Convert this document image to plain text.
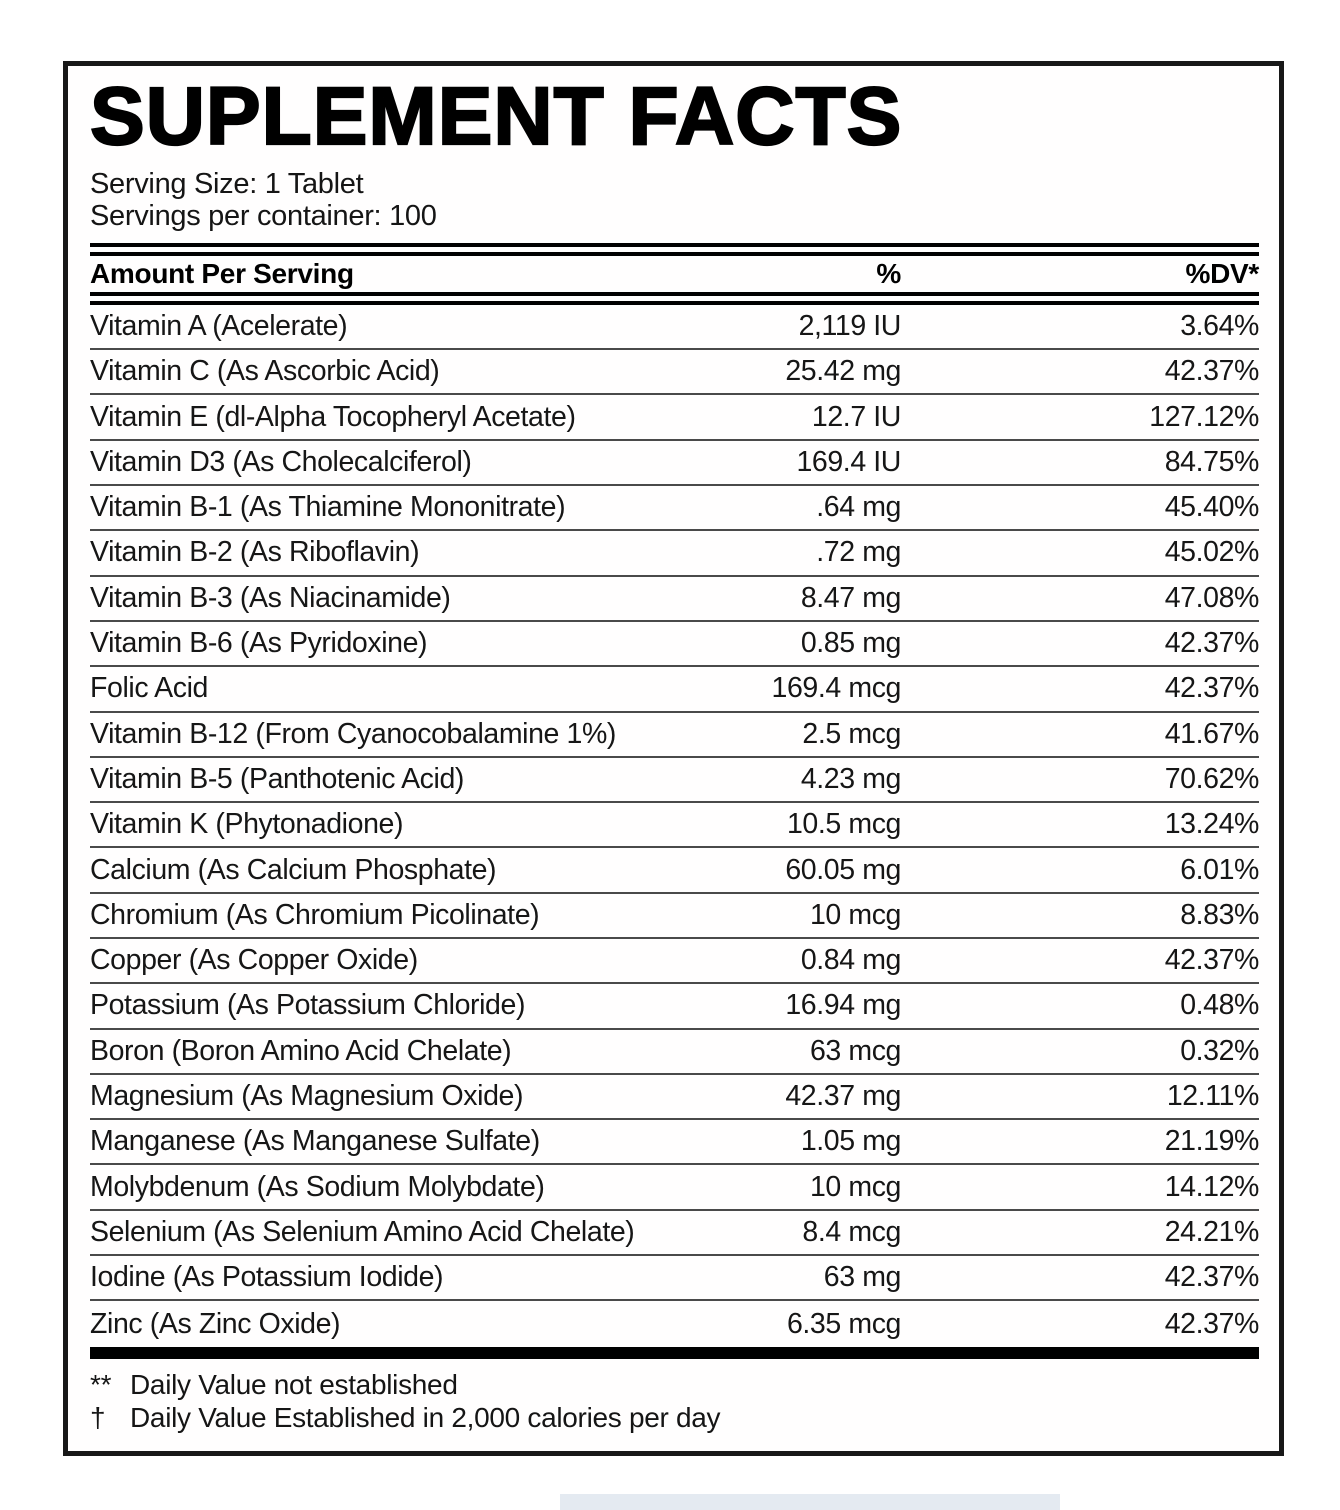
SUPLEMENT FACTS
Serving Size: 1 Tablet
Servings per container: 100
Amount Per Serving	%	%DV*
Vitamin A (Acelerate)	2,119 IU	3.64%
Vitamin C (As Ascorbic Acid)	25.42 mg	42.37%
Vitamin E (dl-Alpha Tocopheryl Acetate)	12.7 IU	127.12%
Vitamin D3 (As Cholecalciferol)	169.4 IU	84.75%
Vitamin B-1 (As Thiamine Mononitrate)	.64 mg	45.40%
Vitamin B-2 (As Riboflavin)	.72 mg	45.02%
Vitamin B-3 (As Niacinamide)	8.47 mg	47.08%
Vitamin B-6 (As Pyridoxine)	0.85 mg	42.37%
Folic Acid	169.4 mcg	42.37%
Vitamin B-12 (From Cyanocobalamine 1%)	2.5 mcg	41.67%
Vitamin B-5 (Panthotenic Acid)	4.23 mg	70.62%
Vitamin K (Phytonadione)	10.5 mcg	13.24%
Calcium (As Calcium Phosphate)	60.05 mg	6.01%
Chromium (As Chromium Picolinate)	10 mcg	8.83%
Copper (As Copper Oxide)	0.84 mg	42.37%
Potassium (As Potassium Chloride)	16.94 mg	0.48%
Boron (Boron Amino Acid Chelate)	63 mcg	0.32%
Magnesium (As Magnesium Oxide)	42.37 mg	12.11%
Manganese (As Manganese Sulfate)	1.05 mg	21.19%
Molybdenum (As Sodium Molybdate)	10 mcg	14.12%
Selenium (As Selenium Amino Acid Chelate)	8.4 mcg	24.21%
Iodine (As Potassium Iodide)	63 mg	42.37%
Zinc (As Zinc Oxide)	6.35 mcg	42.37%
** Daily Value not established
† Daily Value Established in 2,000 calories per day
